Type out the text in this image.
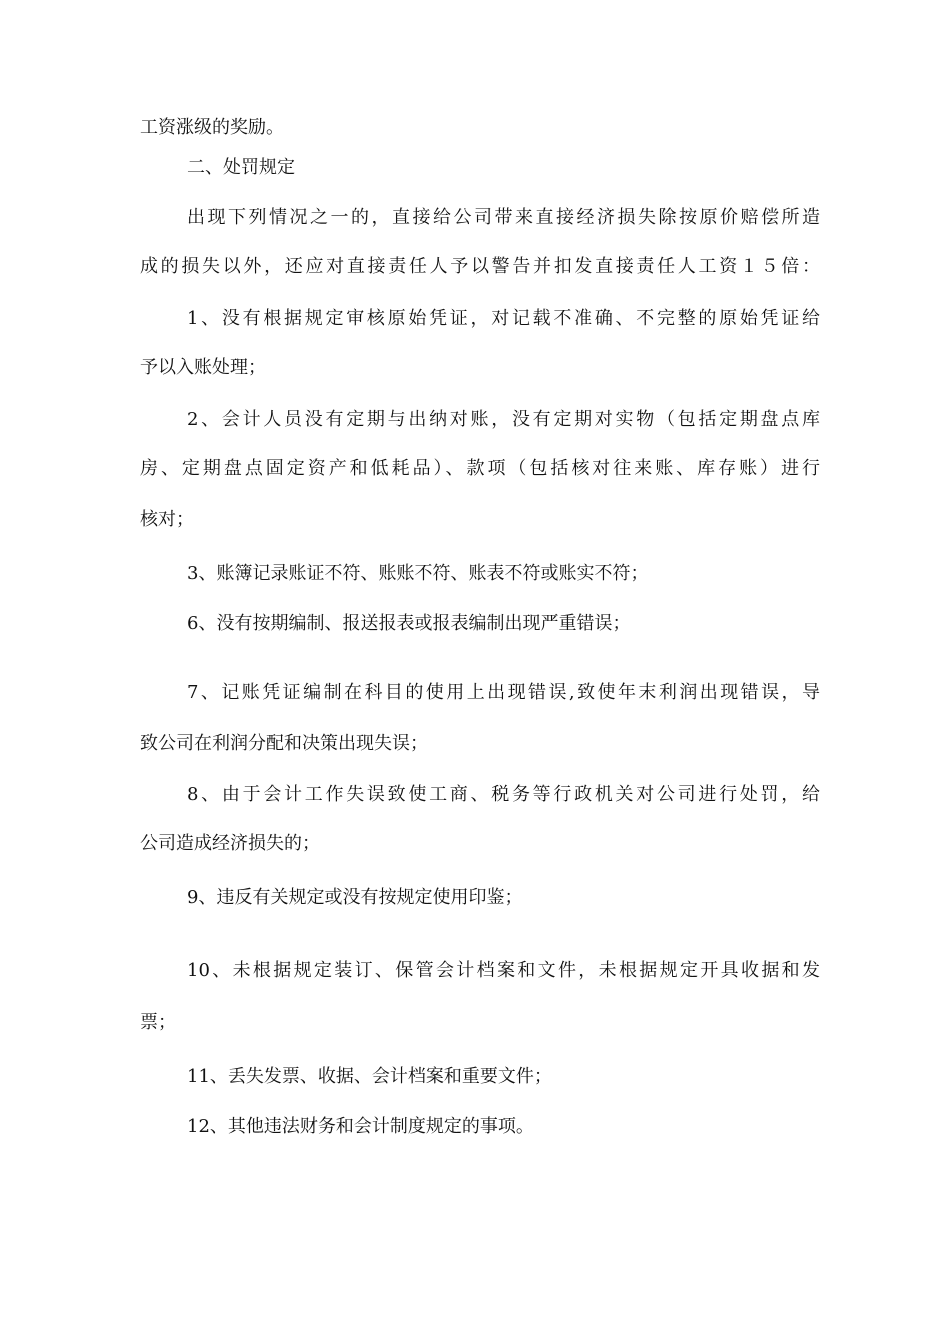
工资涨级的奖励。
二、处罚规定
出现下列情况之一的，直接给公司带来直接经济损失除按原价赔偿所造
成的损失以外，还应对直接责任人予以警告并扣发直接责任人工资１５倍：
1、没有根据规定审核原始凭证，对记载不准确、不完整的原始凭证给
予以入账处理；
2、会计人员没有定期与出纳对账，没有定期对实物（包括定期盘点库
房、定期盘点固定资产和低耗品）、款项（包括核对往来账、库存账）进行
核对；
3、账簿记录账证不符、账账不符、账表不符或账实不符；
6、没有按期编制、报送报表或报表编制出现严重错误；
7、记账凭证编制在科目的使用上出现错误,致使年末利润出现错误，导
致公司在利润分配和决策出现失误；
8、由于会计工作失误致使工商、税务等行政机关对公司进行处罚，给
公司造成经济损失的；
9、违反有关规定或没有按规定使用印鉴；
10、未根据规定装订、保管会计档案和文件，未根据规定开具收据和发
票；
11、丢失发票、收据、会计档案和重要文件；
12、其他违法财务和会计制度规定的事项。
